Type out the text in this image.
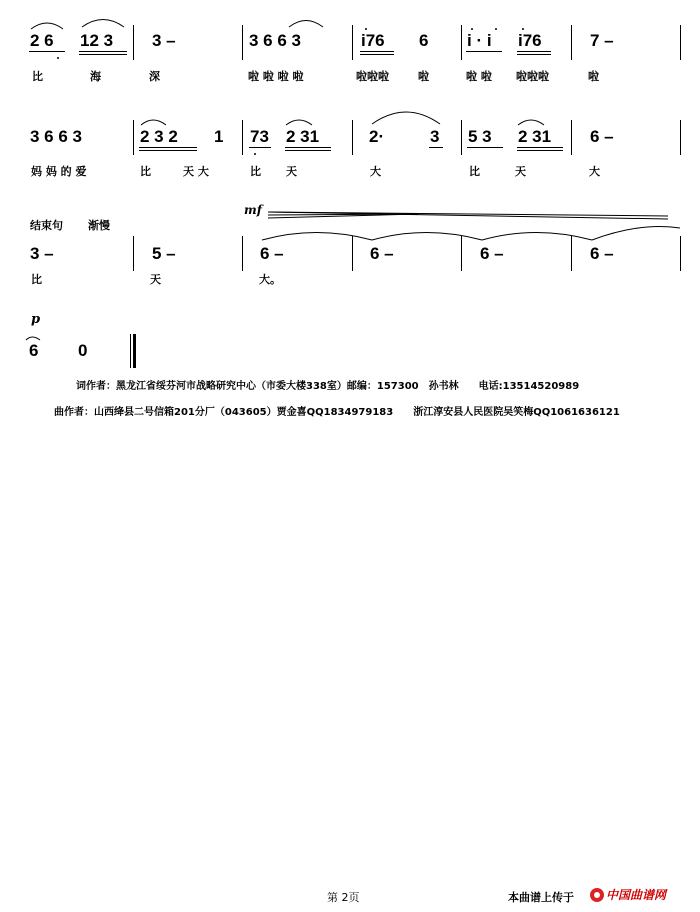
2 6 12 3 3 –	3 6 6 3	i76 6 i · i i76	7 –
比	海	深	啦 啦 啦 啦	啦啦啦	啦	啦 啦 啦啦啦	啦
3 6 6 3	2 3 2 1 73 2 31	2·	3 5 3 2 31 6 –
妈 妈 的 爱	比	天 大	比 天	大	比	天	大
结束句 渐慢
mf
3 –	5 –	6 –	6 –	6 –	6 –
比	天	大。
p
6 0
词作者：黑龙江省绥芬河市战略研究中心（市委大楼338室）邮编：157300　孙书林　　电话:13514520989
曲作者：山西绛县二号信箱201分厂（043605）贾金喜QQ1834979183　　浙江淳安县人民医院吴笑梅QQ1061636121
第 2页	本曲谱上传于	中国曲谱网
